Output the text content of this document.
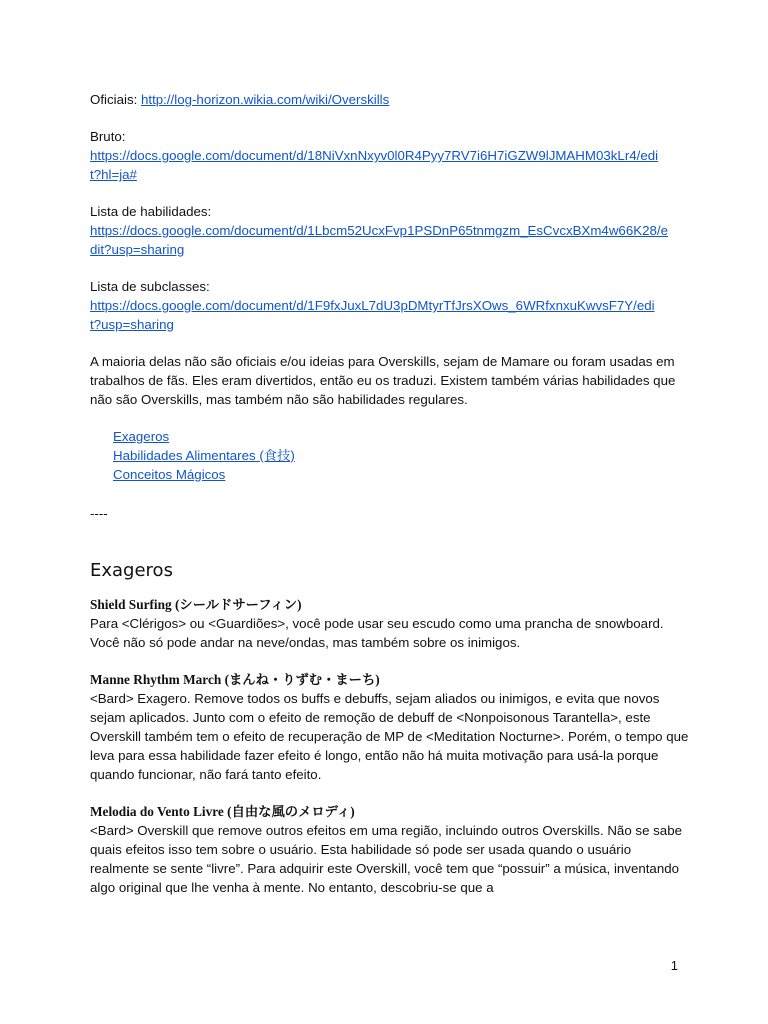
Oficiais: http://log-horizon.wikia.com/wiki/Overskills

Bruto:

https://docs.google.com/document/d/18NiVxnNxyv0l0R4Pyy7RV7i6H7iGZW9lJMAHM03kLr4/edit?hl=ja#

Lista de habilidades:

https://docs.google.com/document/d/1Lbcm52UcxFvp1PSDnP65tnmgzm_EsCvcxBXm4w66K28/edit?usp=sharing

Lista de subclasses:

https://docs.google.com/document/d/1F9fxJuxL7dU3pDMtyrTfJrsXOws_6WRfxnxuKwvsF7Y/edit?usp=sharing

A maioria delas não são oficiais e/ou ideias para Overskills, sejam de Mamare ou foram usadas em trabalhos de fãs. Eles eram divertidos, então eu os traduzi. Existem também várias habilidades que não são Overskills, mas também não são habilidades regulares.

Exageros
Habilidades Alimentares (食技)
Conceitos Mágicos

----

Exageros

Shield Surfing (シールドサーフィン)

Para <Clérigos> ou <Guardiões>, você pode usar seu escudo como uma prancha de snowboard. Você não só pode andar na neve/ondas, mas também sobre os inimigos.

Manne Rhythm March (まんね・りずむ・まーち)

<Bard> Exagero. Remove todos os buffs e debuffs, sejam aliados ou inimigos, e evita que novos sejam aplicados. Junto com o efeito de remoção de debuff de <Nonpoisonous Tarantella>, este Overskill também tem o efeito de recuperação de MP de <Meditation Nocturne>. Porém, o tempo que leva para essa habilidade fazer efeito é longo, então não há muita motivação para usá-la porque quando funcionar, não fará tanto efeito.

Melodia do Vento Livre (自由な風のメロディ)

<Bard> Overskill que remove outros efeitos em uma região, incluindo outros Overskills. Não se sabe quais efeitos isso tem sobre o usuário. Esta habilidade só pode ser usada quando o usuário realmente se sente “livre”. Para adquirir este Overskill, você tem que “possuir” a música, inventando algo original que lhe venha à mente. No entanto, descobriu-se que a

1
